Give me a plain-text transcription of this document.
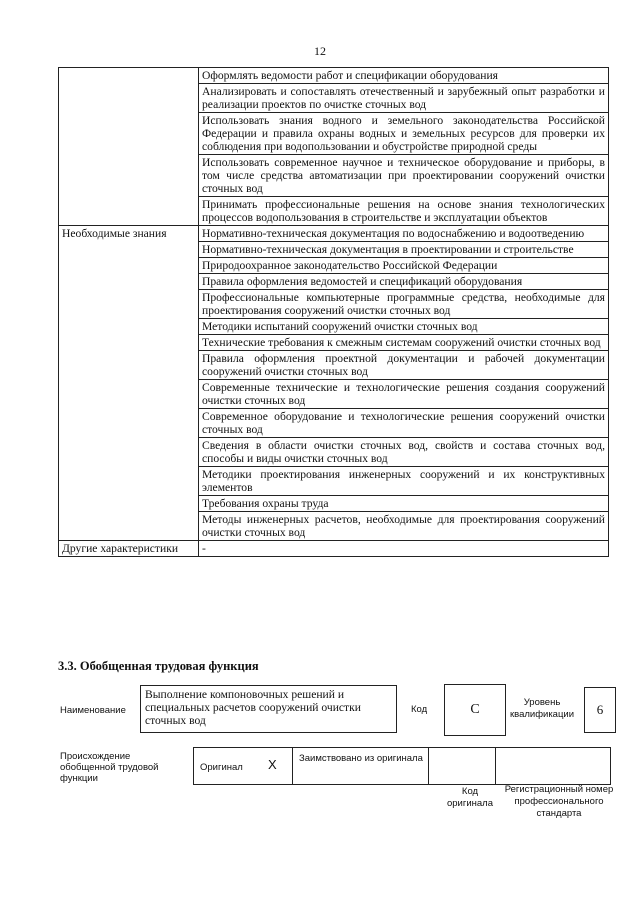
12
	Оформлять ведомости работ и спецификации оборудования
	Анализировать и сопоставлять отечественный и зарубежный опыт разработки и реализации проектов по очистке сточных вод
	Использовать знания водного и земельного законодательства Российской Федерации и правила охраны водных и земельных ресурсов для проверки их соблюдения при водопользовании и обустройстве природной среды
	Использовать современное научное и техническое оборудование и приборы, в том числе средства автоматизации при проектировании сооружений очистки сточных вод
	Принимать профессиональные решения на основе знания технологических процессов водопользования в строительстве и эксплуатации объектов
Необходимые знания	Нормативно-техническая документация по водоснабжению и водоотведению
	Нормативно-техническая документация в проектировании и строительстве
	Природоохранное законодательство Российской Федерации
	Правила оформления ведомостей и спецификаций оборудования
	Профессиональные компьютерные программные средства, необходимые для проектирования сооружений очистки сточных вод
	Методики испытаний сооружений очистки сточных вод
	Технические требования к смежным системам сооружений очистки сточных вод
	Правила оформления проектной документации и рабочей документации сооружений очистки сточных вод
	Современные технические и технологические решения создания сооружений очистки сточных вод
	Современное оборудование и технологические решения сооружений очистки сточных вод
	Сведения в области очистки сточных вод, свойств и состава сточных вод, способы и виды очистки сточных вод
	Методики проектирования инженерных сооружений и их конструктивных элементов
	Требования охраны труда
	Методы инженерных расчетов, необходимые для проектирования сооружений очистки сточных вод
Другие характеристики	-
3.3. Обобщенная трудовая функция
Наименование
Выполнение компоновочных решений и специальных расчетов сооружений очистки сточных вод
Код	С	Уровень квалификации	6
Происхождение обобщенной трудовой функции
Оригинал X Заимствовано из оригинала
Код оригинала
Регистрационный номер профессионального стандарта
